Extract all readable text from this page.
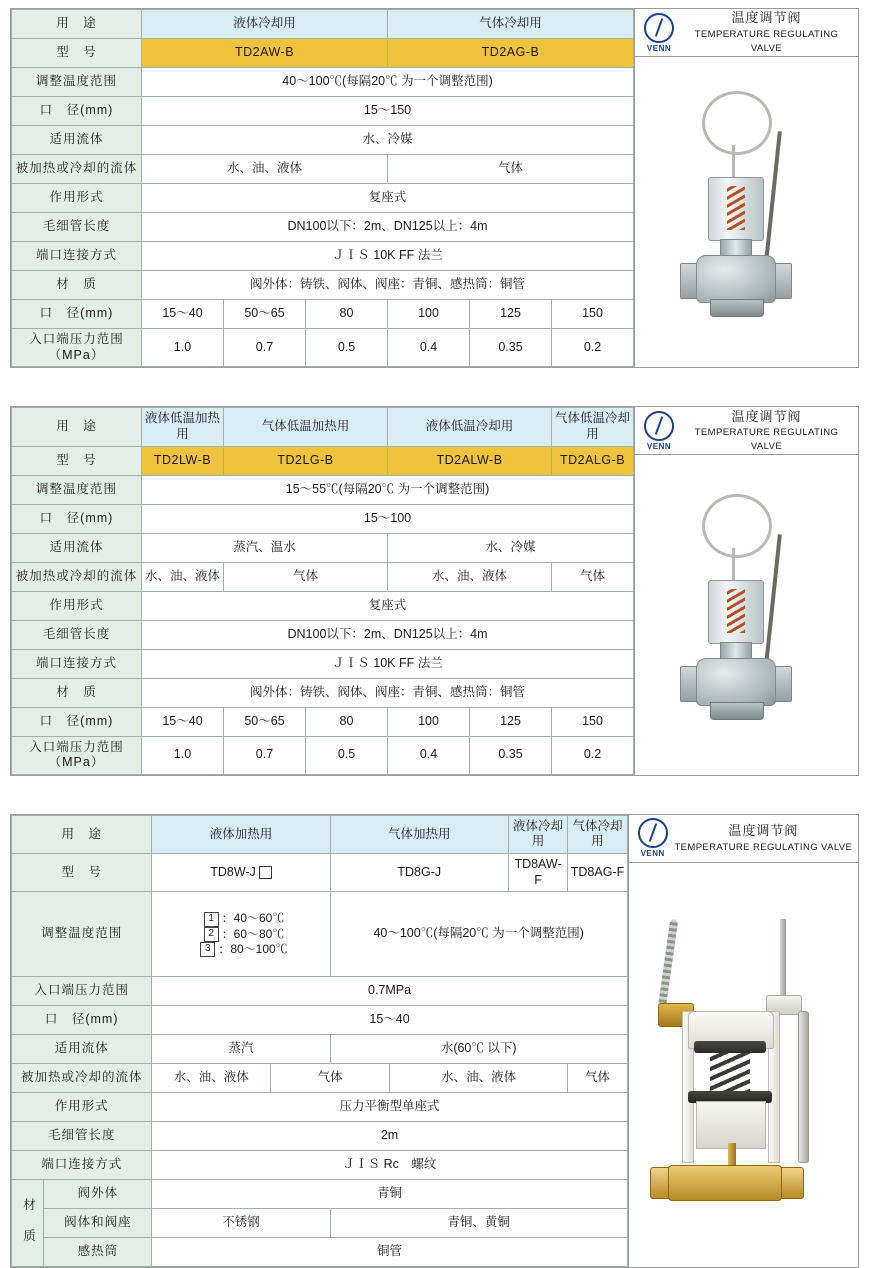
用　途	液体冷却用			气体冷却用		
型　号	TD2AW-B			TD2AG-B		
调整温度范围	40～100℃(每隔20℃ 为一个调整范围)					
口　径(mm)	15～150					
适用流体	水、冷媒					
被加热或冷却的流体	水、油、液体			气体		
作用形式	复座式					
毛细管长度	DN100以下：2m、DN125以上：4m					
端口连接方式	ＪＩＳ 10K FF 法兰					
材　质	阀外体：铸铁、阀体、阀座：青铜、感热筒：铜管					
口　径(mm)	15～40	50～65	80	100	125	150
入口端压力范围（MPa）	1.0	0.7	0.5	0.4	0.35	0.2
VENN
温度调节阀
TEMPERATURE REGULATING VALVE
用　途	液体低温加热用	气体低温加热用		液体低温冷却用		气体低温冷却用
型　号	TD2LW-B	TD2LG-B		TD2ALW-B		TD2ALG-B
调整温度范围	15～55℃(每隔20℃ 为一个调整范围)					
口　径(mm)	15～100					
适用流体	蒸汽、温水			水、冷媒		
被加热或冷却的流体	水、油、液体	气体		水、油、液体		气体
作用形式	复座式					
毛细管长度	DN100以下：2m、DN125以上：4m					
端口连接方式	ＪＩＳ 10K FF 法兰					
材　质	阀外体：铸铁、阀体、阀座：青铜、感热筒：铜管					
口　径(mm)	15～40	50～65	80	100	125	150
入口端压力范围（MPa）	1.0	0.7	0.5	0.4	0.35	0.2
VENN
温度调节阀
TEMPERATURE REGULATING VALVE
用　途		液体加热用		气体加热用		液体冷却用	气体冷却用
型　号		TD8W-J		TD8G-J		TD8AW-F	TD8AG-F
调整温度范围		1 ：40～60℃
2 ：60～80℃
3 ：80～100℃		40～100℃(每隔20℃ 为一个调整范围)			
入口端压力范围		0.7MPa					
口　径(mm)		15～40					
适用流体		蒸汽		水(60℃ 以下)			
被加热或冷却的流体		水、油、液体	气体		水、油、液体		气体
作用形式		压力平衡型单座式					
毛细管长度		2m					
端口连接方式		ＪＩＳ Rc　螺纹					
材　质	阀外体	青铜					
	阀体和阀座	不锈钢		青铜、黄铜			
	感热筒	铜管					
VENN
温度调节阀
TEMPERATURE REGULATING VALVE
